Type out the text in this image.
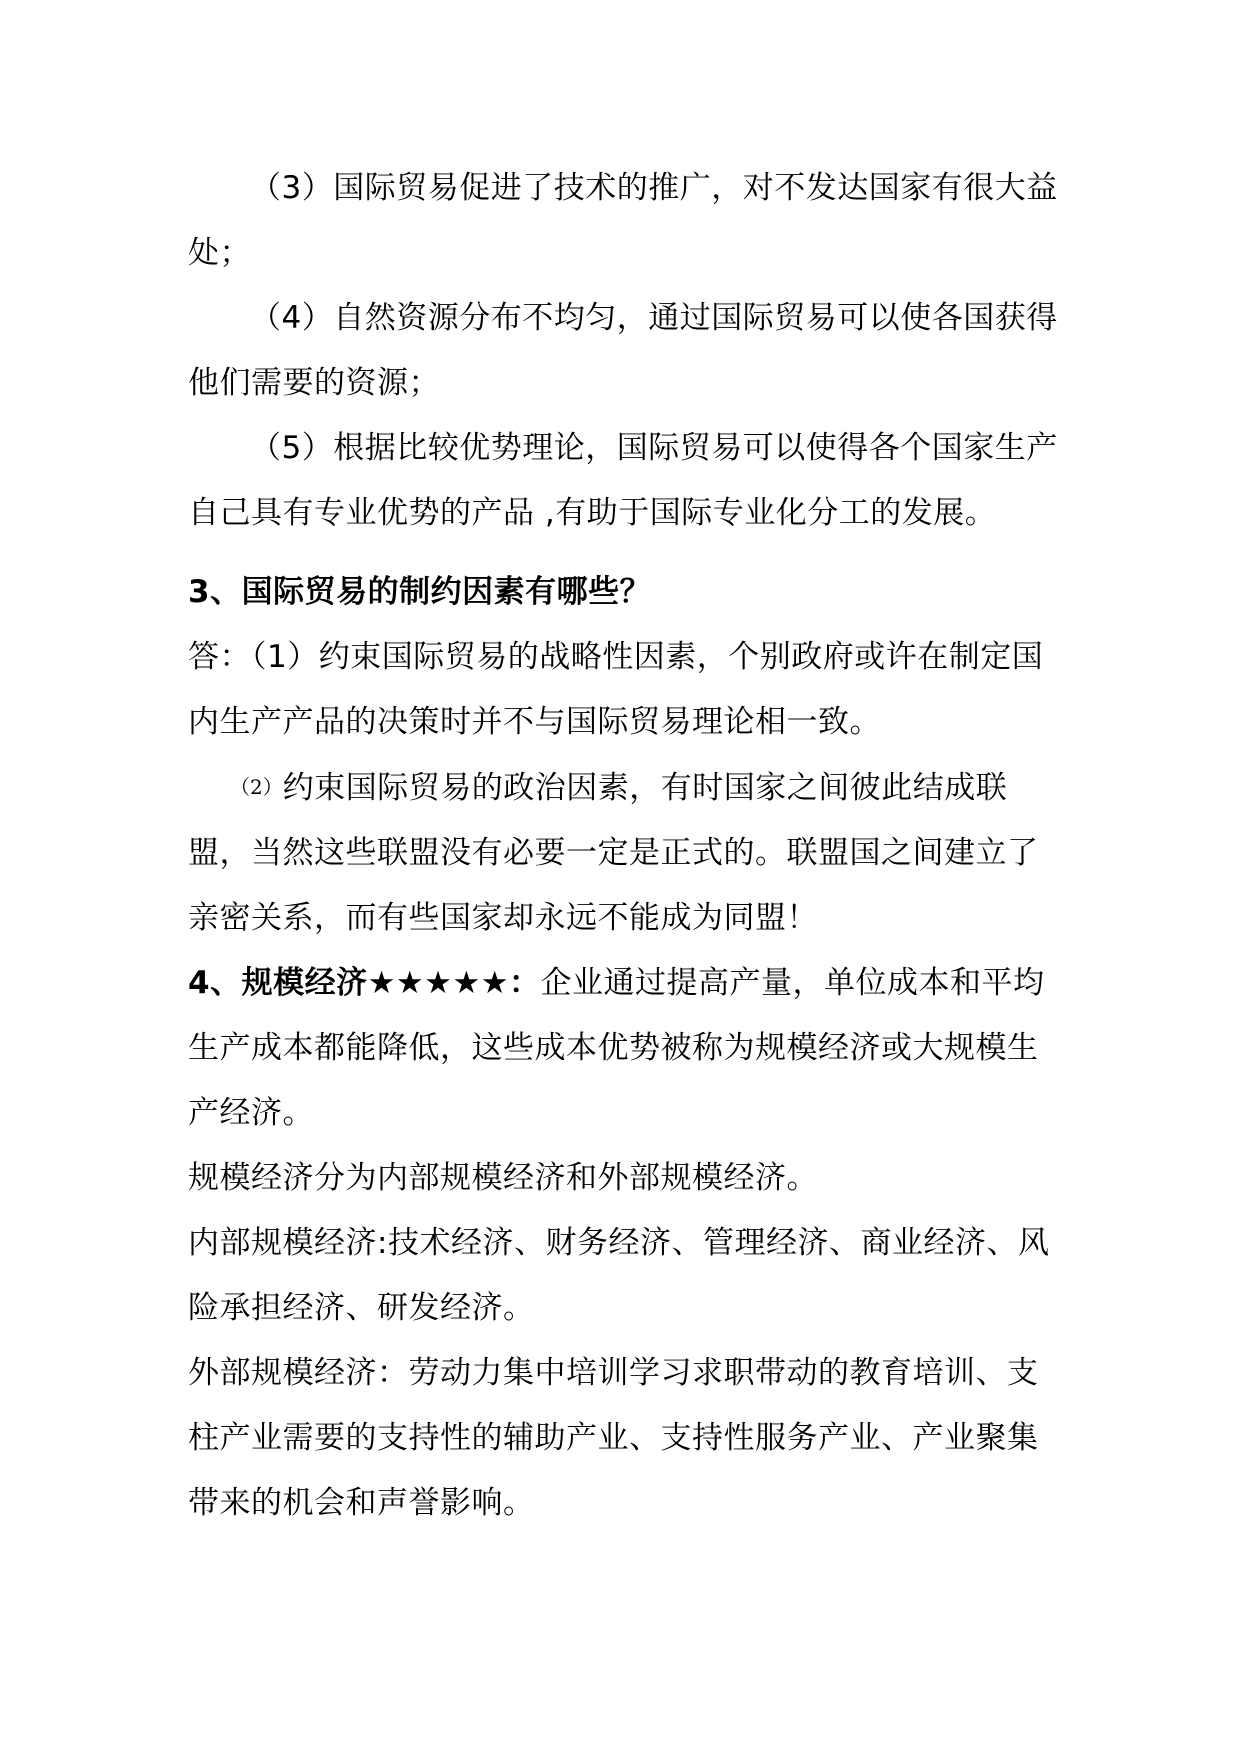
（3）国际贸易促进了技术的推广，对不发达国家有很大益处；

（4）自然资源分布不均匀，通过国际贸易可以使各国获得他们需要的资源；

（5）根据比较优势理论，国际贸易可以使得各个国家生产自己具有专业优势的产品 ,有助于国际专业化分工的发展。

3、国际贸易的制约因素有哪些？

答：（1）约束国际贸易的战略性因素，个别政府或许在制定国内生产产品的决策时并不与国际贸易理论相一致。

（2）约束国际贸易的政治因素，有时国家之间彼此结成联盟，当然这些联盟没有必要一定是正式的。联盟国之间建立了亲密关系，而有些国家却永远不能成为同盟！

4、规模经济★★★★★：企业通过提高产量，单位成本和平均生产成本都能降低，这些成本优势被称为规模经济或大规模生产经济。

规模经济分为内部规模经济和外部规模经济。

内部规模经济:技术经济、财务经济、管理经济、商业经济、风险承担经济、研发经济。

外部规模经济：劳动力集中培训学习求职带动的教育培训、支柱产业需要的支持性的辅助产业、支持性服务产业、产业聚集带来的机会和声誉影响。
